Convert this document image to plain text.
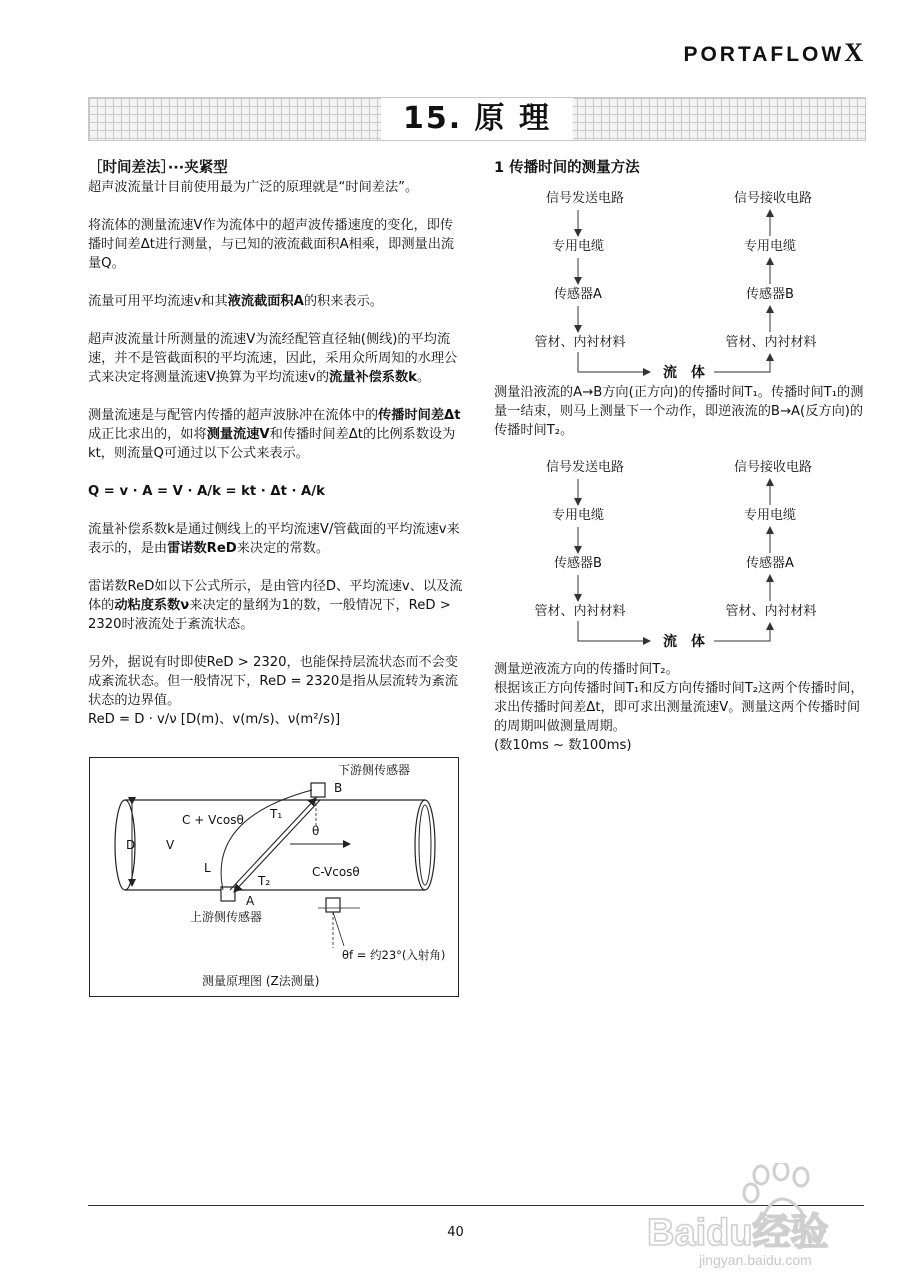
PORTAFLOWX
15. 原 理
［时间差法］···夹紧型

超声波流量计目前使用最为广泛的原理就是“时间差法”。

将流体的测量流速V作为流体中的超声波传播速度的变化，即传播时间差Δt进行测量，与已知的液流截面积A相乘，即测量出流量Q。

流量可用平均流速v和其液流截面积A的积来表示。

超声波流量计所测量的流速V为流经配管直径轴(侧线)的平均流速，并不是管截面积的平均流速，因此，采用众所周知的水理公式来决定将测量流速V换算为平均流速v的流量补偿系数k。

测量流速是与配管内传播的超声波脉冲在流体中的传播时间差Δt成正比求出的，如将测量流速V和传播时间差Δt的比例系数设为kt，则流量Q可通过以下公式来表示。

Q = v · A = V · A/k = kt · Δt · A/k

流量补偿系数k是通过侧线上的平均流速V/管截面的平均流速v来表示的，是由雷诺数ReD来决定的常数。

雷诺数ReD如以下公式所示，是由管内径D、平均流速v、以及流体的动粘度系数ν来决定的量纲为1的数，一般情况下，ReD > 2320时液流处于紊流状态。

另外，据说有时即使ReD > 2320，也能保持层流状态而不会变成紊流状态。但一般情况下，ReD = 2320是指从层流转为紊流状态的边界值。

ReD = D · v/ν [D(m)、v(m/s)、ν(m²/s)]

下游侧传感器
B
T₁
θ
C + Vcosθ
D	V
L	C-Vcosθ
T₂
A
上游侧传感器
θf = 约23°(入射角)
测量原理图 (Z法测量)
1 传播时间的测量方法
信号发送电路	信号接收电路
专用电缆	专用电缆
传感器A	传感器B
管材、内衬材料	管材、内衬材料
流　体

测量沿液流的A→B方向(正方向)的传播时间T₁。传播时间T₁的测量一结束，则马上测量下一个动作，即逆液流的B→A(反方向)的传播时间T₂。

信号发送电路	信号接收电路
专用电缆	专用电缆
传感器B	传感器A
管材、内衬材料	管材、内衬材料
流　体

测量逆液流方向的传播时间T₂。

根据该正方向传播时间T₁和反方向传播时间T₂这两个传播时间，求出传播时间差Δt，即可求出测量流速V。测量这两个传播时间的周期叫做测量周期。

(数10ms ~ 数100ms)

40	Baidu经验
jingyan.baidu.com
